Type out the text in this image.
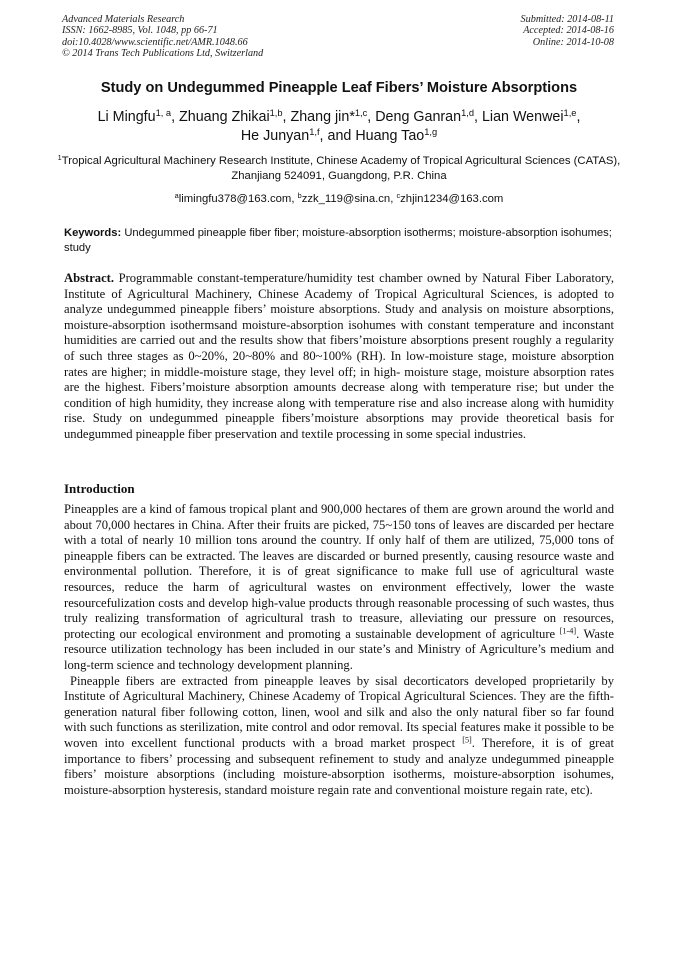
Advanced Materials Research
ISSN: 1662-8985, Vol. 1048, pp 66-71
doi:10.4028/www.scientific.net/AMR.1048.66
© 2014 Trans Tech Publications Ltd, Switzerland
Submitted: 2014-08-11
Accepted: 2014-08-16
Online: 2014-10-08
Study on Undegummed Pineapple Leaf Fibers’ Moisture Absorptions
Li Mingfu$^{1, a}$, Zhuang Zhikai$^{1,b}$, Zhang jin*$^{1,c}$, Deng Ganran$^{1,d}$, Lian Wenwei$^{1,e}$,
He Junyan$^{1,f}$, and Huang Tao$^{1,g}$
$^1$Tropical Agricultural Machinery Research Institute, Chinese Academy of Tropical Agricultural Sciences (CATAS), Zhanjiang 524091, Guangdong, P.R. China
$^a$limingfu378@163.com, $^b$zzk_119@sina.cn, $^c$zhjin1234@163.com
Keywords: Undegummed pineapple fiber fiber; moisture-absorption isotherms; moisture-absorption isohumes; study
Abstract. Programmable constant-temperature/humidity test chamber owned by Natural Fiber Laboratory, Institute of Agricultural Machinery, Chinese Academy of Tropical Agricultural Sciences, is adopted to analyze undegummed pineapple fibers’ moisture absorptions. Study and analysis on moisture absorptions, moisture-absorption isothermsand moisture-absorption isohumes with constant temperature and inconstant humidities are carried out and the results show that fibers’moisture absorptions present roughly a regularity of such three stages as 0~20%, 20~80% and 80~100% (RH). In low-moisture stage, moisture absorption rates are higher; in middle-moisture stage, they level off; in high- moisture stage, moisture absorption rates are the highest. Fibers’moisture absorption amounts decrease along with temperature rise; but under the condition of high humidity, they increase along with temperature rise and also increase along with humidity rise. Study on undegummed pineapple fibers’moisture absorptions may provide theoretical basis for undegummed pineapple fiber preservation and textile processing in some special industries.
Introduction

Pineapples are a kind of famous tropical plant and 900,000 hectares of them are grown around the world and about 70,000 hectares in China. After their fruits are picked, 75~150 tons of leaves are discarded per hectare with a total of nearly 10 million tons around the country. If only half of them are utilized, 75,000 tons of pineapple fibers can be extracted. The leaves are discarded or burned presently, causing resource waste and environmental pollution. Therefore, it is of great significance to make full use of agricultural waste resources, reduce the harm of agricultural wastes on environment effectively, lower the waste resourcefulization costs and develop high-value products through reasonable processing of such wastes, thus truly realizing transformation of agricultural trash to treasure, alleviating our pressure on resources, protecting our ecological environment and promoting a sustainable development of agriculture [1-4]. Waste resource utilization technology has been included in our state’s and Ministry of Agriculture’s medium and long-term science and technology development planning.

Pineapple fibers are extracted from pineapple leaves by sisal decorticators developed proprietarily by Institute of Agricultural Machinery, Chinese Academy of Tropical Agricultural Sciences. They are the fifth-generation natural fiber following cotton, linen, wool and silk and also the only natural fiber so far found with such functions as sterilization, mite control and odor removal. Its special features make it possible to be woven into excellent functional products with a broad market prospect [5]. Therefore, it is of great importance to fibers’ processing and subsequent refinement to study and analyze undegummed pineapple fibers’ moisture absorptions (including moisture-absorption isotherms, moisture-absorption isohumes, moisture-absorption hysteresis, standard moisture regain rate and conventional moisture regain rate, etc).
